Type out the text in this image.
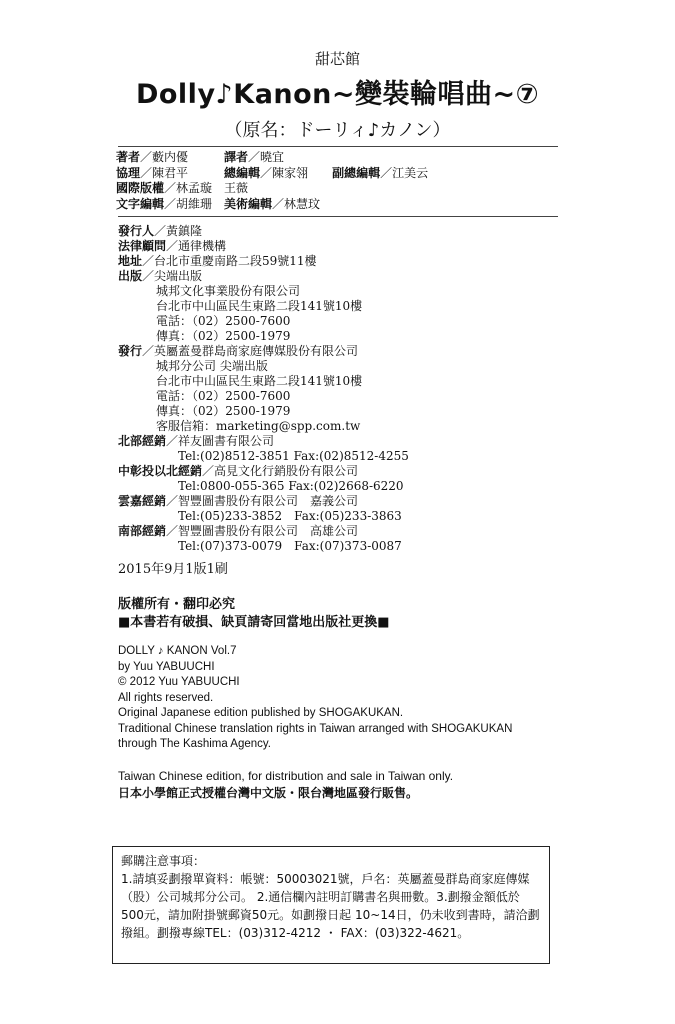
甜芯館
Dolly♪Kanon~變裝輪唱曲~⑦
（原名：ドーリィ♪カノン）
著者／藪内優	譯者／曉宜	
協理／陳君平	總編輯／陳家翎	副總編輯／江美云
國際版權／林孟璇	王薇	
文字編輯／胡維珊	美術編輯／林慧玟	
發行人／黃鎮隆
法律顧問／通律機構
地址／台北市重慶南路二段59號11樓
出版／尖端出版
城邦文化事業股份有限公司
台北市中山區民生東路二段141號10樓
電話：（02）2500-7600
傳真：（02）2500-1979
發行／英屬蓋曼群島商家庭傳媒股份有限公司
城邦分公司 尖端出版
台北市中山區民生東路二段141號10樓
電話：（02）2500-7600
傳真：（02）2500-1979
客服信箱：marketing@spp.com.tw
北部經銷／祥友圖書有限公司
Tel:(02)8512-3851 Fax:(02)8512-4255
中彰投以北經銷／高見文化行銷股份有限公司
Tel:0800-055-365 Fax:(02)2668-6220
雲嘉經銷／智豐圖書股份有限公司　嘉義公司
Tel:(05)233-3852　Fax:(05)233-3863
南部經銷／智豐圖書股份有限公司　高雄公司
Tel:(07)373-0079　Fax:(07)373-0087
2015年9月1版1刷
版權所有・翻印必究
■本書若有破損、缺頁請寄回當地出版社更換■
DOLLY ♪ KANON Vol.7
by Yuu YABUUCHI
© 2012 Yuu YABUUCHI
All rights reserved.
Original Japanese edition published by SHOGAKUKAN.
Traditional Chinese translation rights in Taiwan arranged with SHOGAKUKAN
through The Kashima Agency.
Taiwan Chinese edition, for distribution and sale in Taiwan only.
日本小學館正式授權台灣中文版・限台灣地區發行販售。
郵購注意事項：
1.請填妥劃撥單資料：帳號：50003021號，戶名：英屬蓋曼群島商家庭傳媒（股）公司城邦分公司。 2.通信欄內註明訂購書名與冊數。3.劃撥金額低於500元，請加附掛號郵資50元。如劃撥日起 10~14日，仍未收到書時，請洽劃撥組。劃撥專線TEL：(03)312-4212 ・ FAX：(03)322-4621。
